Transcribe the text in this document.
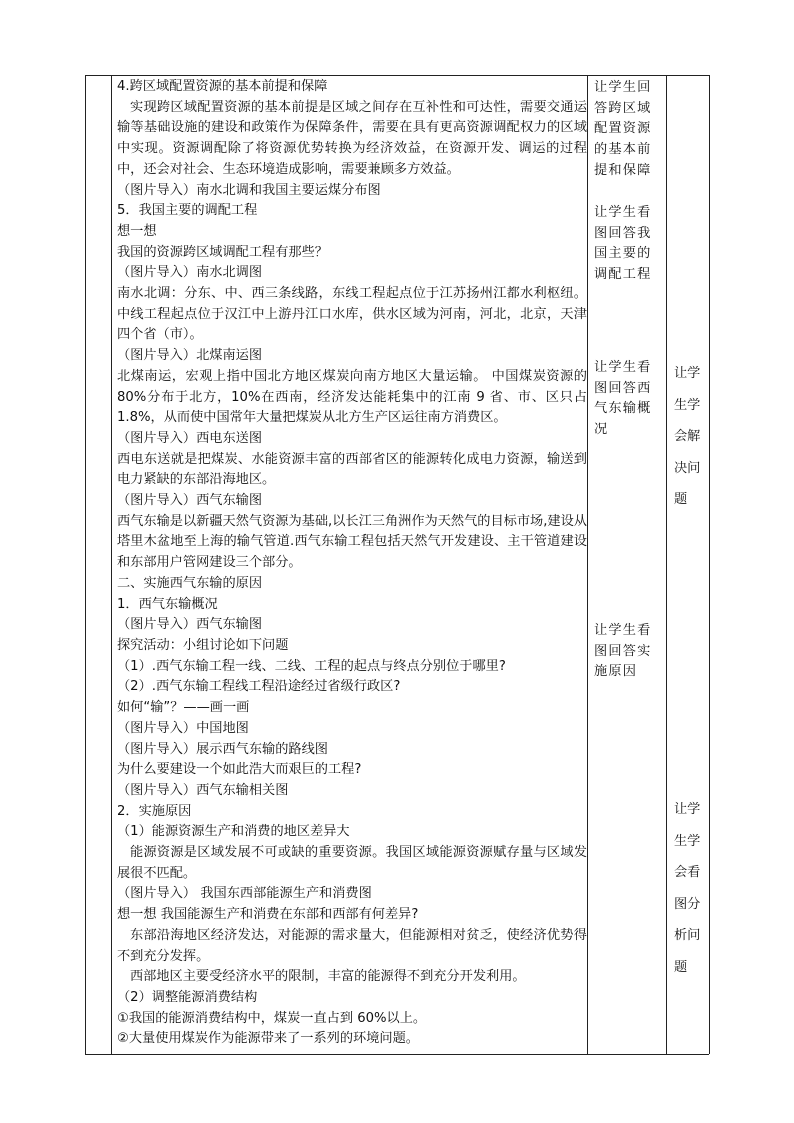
4.跨区域配置资源的基本前提和保障

实现跨区域配置资源的基本前提是区域之间存在互补性和可达性，需要交通运输等基础设施的建设和政策作为保障条件，需要在具有更高资源调配权力的区域中实现。资源调配除了将资源优势转换为经济效益，在资源开发、调运的过程中，还会对社会、生态环境造成影响，需要兼顾多方效益。

（图片导入）南水北调和我国主要运煤分布图

5．我国主要的调配工程

想一想

我国的资源跨区域调配工程有那些？

（图片导入）南水北调图

南水北调：分东、中、西三条线路，东线工程起点位于江苏扬州江都水利枢纽。中线工程起点位于汉江中上游丹江口水库，供水区域为河南，河北，北京，天津四个省（市）。

（图片导入）北煤南运图

北煤南运，宏观上指中国北方地区煤炭向南方地区大量运输。 中国煤炭资源的80%分布于北方，10%在西南，经济发达能耗集中的江南 9 省、市、区只占 1.8%，从而使中国常年大量把煤炭从北方生产区运往南方消费区。

（图片导入）西电东送图

西电东送就是把煤炭、水能资源丰富的西部省区的能源转化成电力资源，输送到电力紧缺的东部沿海地区。

（图片导入）西气东输图

西气东输是以新疆天然气资源为基础,以长江三角洲作为天然气的目标市场,建设从塔里木盆地至上海的输气管道.西气东输工程包括天然气开发建设、主干管道建设和东部用户管网建设三个部分。

二、实施西气东输的原因

1．西气东输概况

（图片导入）西气东输图

探究活动：小组讨论如下问题

（1）.西气东输工程一线、二线、工程的起点与终点分别位于哪里?

（2）.西气东输工程线工程沿途经过省级行政区?

如何“输”？——画一画

（图片导入）中国地图

（图片导入）展示西气东输的路线图

为什么要建设一个如此浩大而艰巨的工程?

（图片导入）西气东输相关图

2．实施原因

（1）能源资源生产和消费的地区差异大

能源资源是区域发展不可或缺的重要资源。我国区域能源资源赋存量与区域发展很不匹配。

（图片导入） 我国东西部能源生产和消费图

想一想 我国能源生产和消费在东部和西部有何差异?

东部沿海地区经济发达，对能源的需求量大，但能源相对贫乏，使经济优势得不到充分发挥。

西部地区主要受经济水平的限制，丰富的能源得不到充分开发利用。

（2）调整能源消费结构

①我国的能源消费结构中，煤炭一直占到 60%以上。

②大量使用煤炭作为能源带来了一系列的环境问题。

让学生回

答跨区域

配置资源

的基本前

提和保障

让学生看

图回答我

国主要的

调配工程

让学生看

图回答西

气东输概

况

让学生看

图回答实

施原因

让学

生学

会解

决问

题

让学

生学

会看

图分

析问

题
